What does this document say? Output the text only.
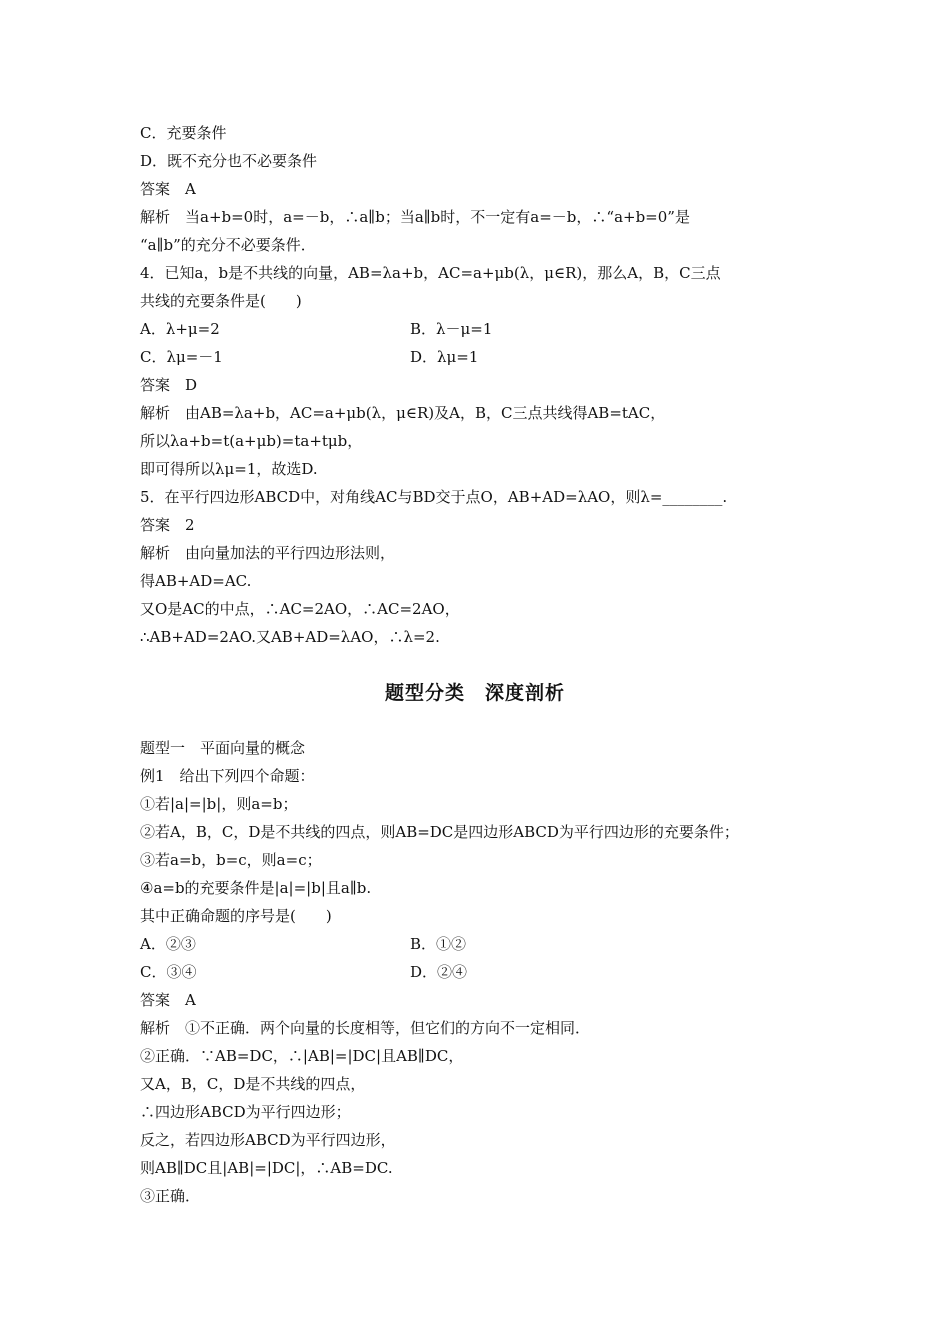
C．充要条件
D．既不充分也不必要条件
答案　A
解析　当a+b=0时，a=－b，∴a∥b；当a∥b时，不一定有a=－b，∴“a+b=0”是
“a∥b”的充分不必要条件．
4．已知a，b是不共线的向量，AB=λa+b，AC=a+μb(λ，μ∈R)，那么A，B，C三点
共线的充要条件是(　　)
A．λ+μ=2	B．λ－μ=1
C．λμ=－1	D．λμ=1
答案　D
解析　由AB=λa+b，AC=a+μb(λ，μ∈R)及A，B，C三点共线得AB=tAC，
所以λa+b=t(a+μb)=ta+tμb，
即可得所以λμ=1，故选D.
5．在平行四边形ABCD中，对角线AC与BD交于点O，AB+AD=λAO，则λ=________.
答案　2
解析　由向量加法的平行四边形法则，
得AB+AD=AC.
又O是AC的中点，∴AC=2AO，∴AC=2AO，
∴AB+AD=2AO.又AB+AD=λAO，∴λ=2.
题型分类　深度剖析
题型一　平面向量的概念
例1　给出下列四个命题：
①若|a|=|b|，则a=b；
②若A，B，C，D是不共线的四点，则AB=DC是四边形ABCD为平行四边形的充要条件；
③若a=b，b=c，则a=c；
④a=b的充要条件是|a|=|b|且a∥b.
其中正确命题的序号是(　　)
A．②③	B．①②
C．③④	D．②④
答案　A
解析　①不正确．两个向量的长度相等，但它们的方向不一定相同．
②正确．∵AB=DC，∴|AB|=|DC|且AB∥DC，
又A，B，C，D是不共线的四点，
∴四边形ABCD为平行四边形；
反之，若四边形ABCD为平行四边形，
则AB∥DC且|AB|=|DC|，∴AB=DC.
③正确．
